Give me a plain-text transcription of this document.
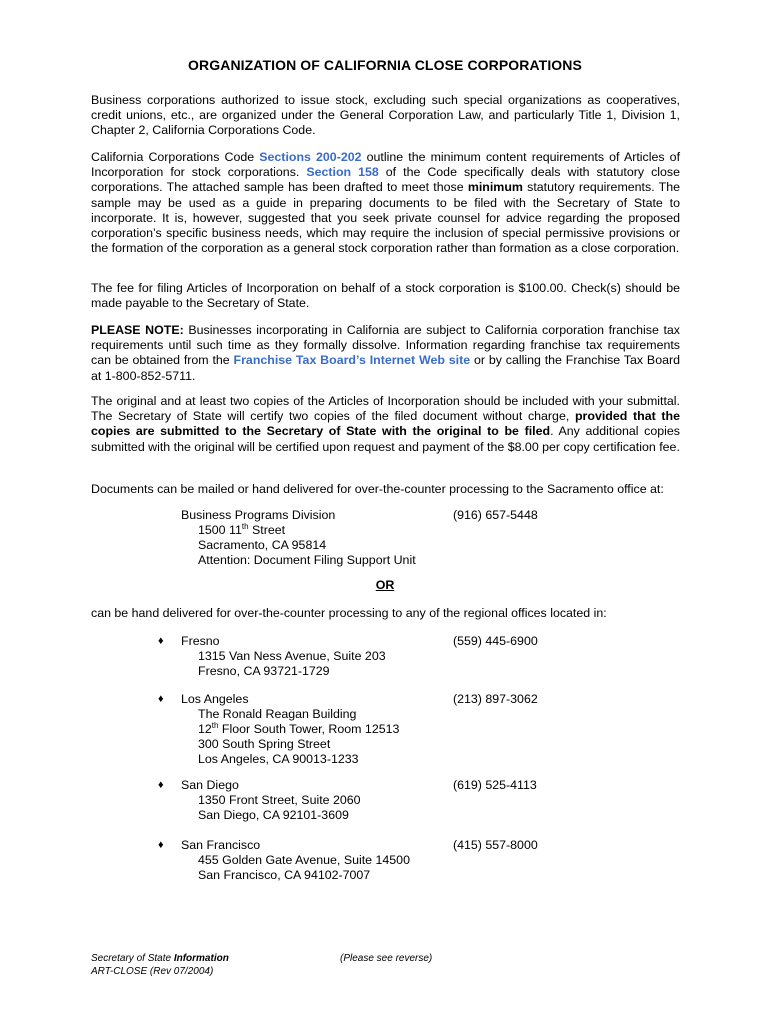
ORGANIZATION OF CALIFORNIA CLOSE CORPORATIONS

Business corporations authorized to issue stock, excluding such special organizations as cooperatives, credit unions, etc., are organized under the General Corporation Law, and particularly Title 1, Division 1, Chapter 2, California Corporations Code.

California Corporations Code Sections 200-202 outline the minimum content requirements of Articles of Incorporation for stock corporations. Section 158 of the Code specifically deals with statutory close corporations. The attached sample has been drafted to meet those minimum statutory requirements. The sample may be used as a guide in preparing documents to be filed with the Secretary of State to incorporate. It is, however, suggested that you seek private counsel for advice regarding the proposed corporation’s specific business needs, which may require the inclusion of special permissive provisions or the formation of the corporation as a general stock corporation rather than formation as a close corporation.

The fee for filing Articles of Incorporation on behalf of a stock corporation is $100.00. Check(s) should be made payable to the Secretary of State.

PLEASE NOTE: Businesses incorporating in California are subject to California corporation franchise tax requirements until such time as they formally dissolve. Information regarding franchise tax requirements can be obtained from the Franchise Tax Board’s Internet Web site or by calling the Franchise Tax Board at 1-800-852-5711.

The original and at least two copies of the Articles of Incorporation should be included with your submittal. The Secretary of State will certify two copies of the filed document without charge, provided that the copies are submitted to the Secretary of State with the original to be filed. Any additional copies submitted with the original will be certified upon request and payment of the $8.00 per copy certification fee.

Documents can be mailed or hand delivered for over-the-counter processing to the Sacramento office at:

Business Programs Division	(916) 657-5448
1500 11th Street
Sacramento, CA 95814
Attention: Document Filing Support Unit
OR

can be hand delivered for over-the-counter processing to any of the regional offices located in:

♦ Fresno	(559) 445-6900
1315 Van Ness Avenue, Suite 203
Fresno, CA 93721-1729
♦ Los Angeles	(213) 897-3062
The Ronald Reagan Building
12th Floor South Tower, Room 12513
300 South Spring Street
Los Angeles, CA 90013-1233
♦ San Diego	(619) 525-4113
1350 Front Street, Suite 2060
San Diego, CA 92101-3609
♦ San Francisco	(415) 557-8000
455 Golden Gate Avenue, Suite 14500
San Francisco, CA 94102-7007
Secretary of State Information
ART-CLOSE (Rev 07/2004)
(Please see reverse)
